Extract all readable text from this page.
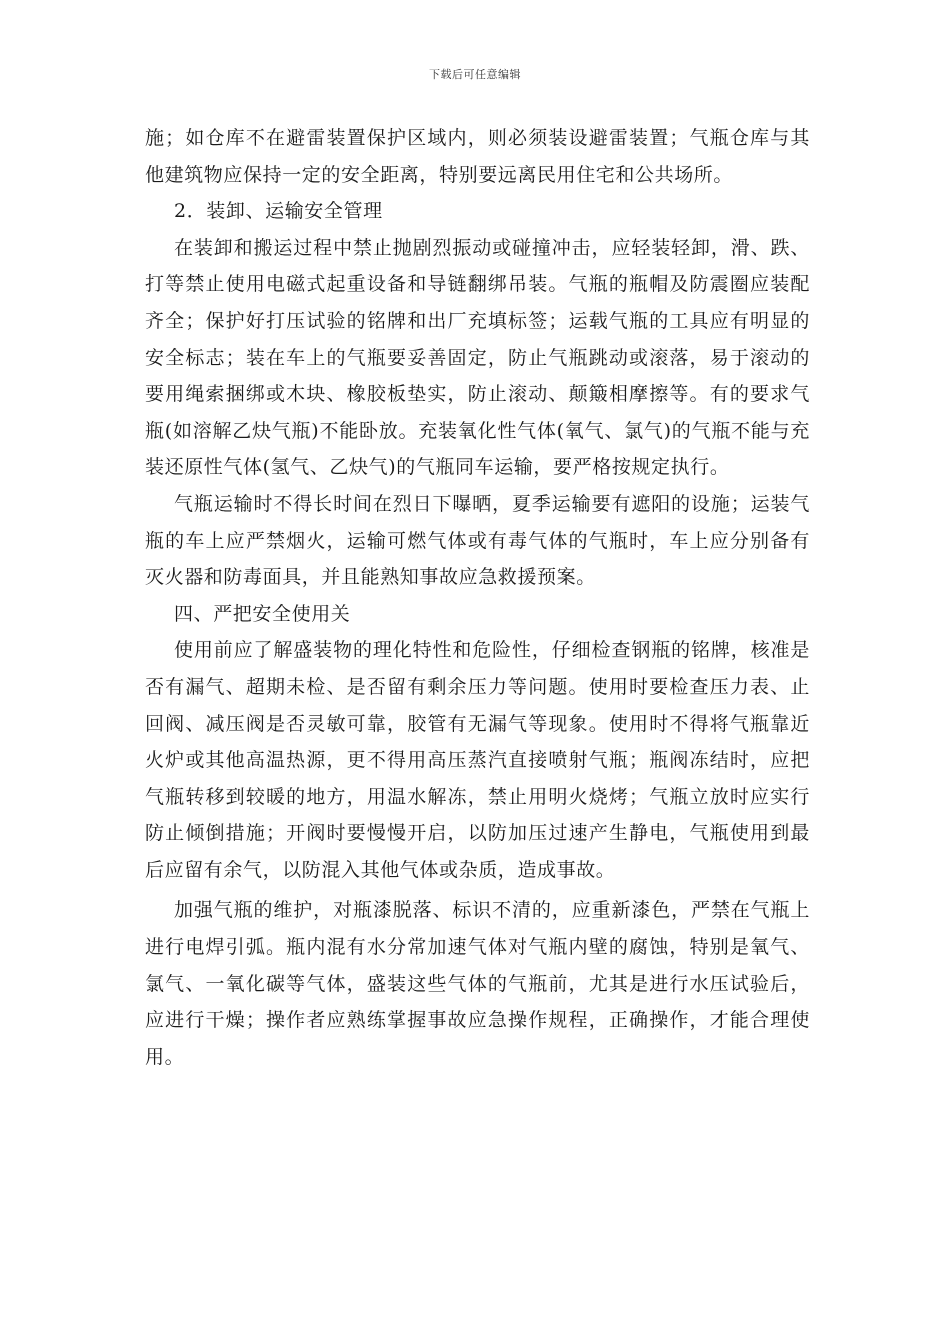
下载后可任意编辑

施；如仓库不在避雷装置保护区域内，则必须装设避雷装置；气瓶仓库与其他建筑物应保持一定的安全距离，特别要远离民用住宅和公共场所。

2．装卸、运输安全管理

在装卸和搬运过程中禁止抛剧烈振动或碰撞冲击，应轻装轻卸，滑、跌、打等禁止使用电磁式起重设备和导链翻绑吊装。气瓶的瓶帽及防震圈应装配齐全；保护好打压试验的铭牌和出厂充填标签；运载气瓶的工具应有明显的安全标志；装在车上的气瓶要妥善固定，防止气瓶跳动或滚落，易于滚动的要用绳索捆绑或木块、橡胶板垫实，防止滚动、颠簸相摩擦等。有的要求气瓶(如溶解乙炔气瓶)不能卧放。充装氧化性气体(氧气、氯气)的气瓶不能与充装还原性气体(氢气、乙炔气)的气瓶同车运输，要严格按规定执行。

气瓶运输时不得长时间在烈日下曝晒，夏季运输要有遮阳的设施；运装气瓶的车上应严禁烟火，运输可燃气体或有毒气体的气瓶时，车上应分别备有灭火器和防毒面具，并且能熟知事故应急救援预案。

四、严把安全使用关

使用前应了解盛装物的理化特性和危险性，仔细检查钢瓶的铭牌，核准是否有漏气、超期未检、是否留有剩余压力等问题。使用时要检查压力表、止回阀、减压阀是否灵敏可靠，胶管有无漏气等现象。使用时不得将气瓶靠近火炉或其他高温热源，更不得用高压蒸汽直接喷射气瓶；瓶阀冻结时，应把气瓶转移到较暖的地方，用温水解冻，禁止用明火烧烤；气瓶立放时应实行防止倾倒措施；开阀时要慢慢开启，以防加压过速产生静电，气瓶使用到最后应留有余气，以防混入其他气体或杂质，造成事故。

加强气瓶的维护，对瓶漆脱落、标识不清的，应重新漆色，严禁在气瓶上进行电焊引弧。瓶内混有水分常加速气体对气瓶内壁的腐蚀，特别是氧气、氯气、一氧化碳等气体，盛装这些气体的气瓶前，尤其是进行水压试验后，应进行干燥；操作者应熟练掌握事故应急操作规程，正确操作，才能合理使用。
